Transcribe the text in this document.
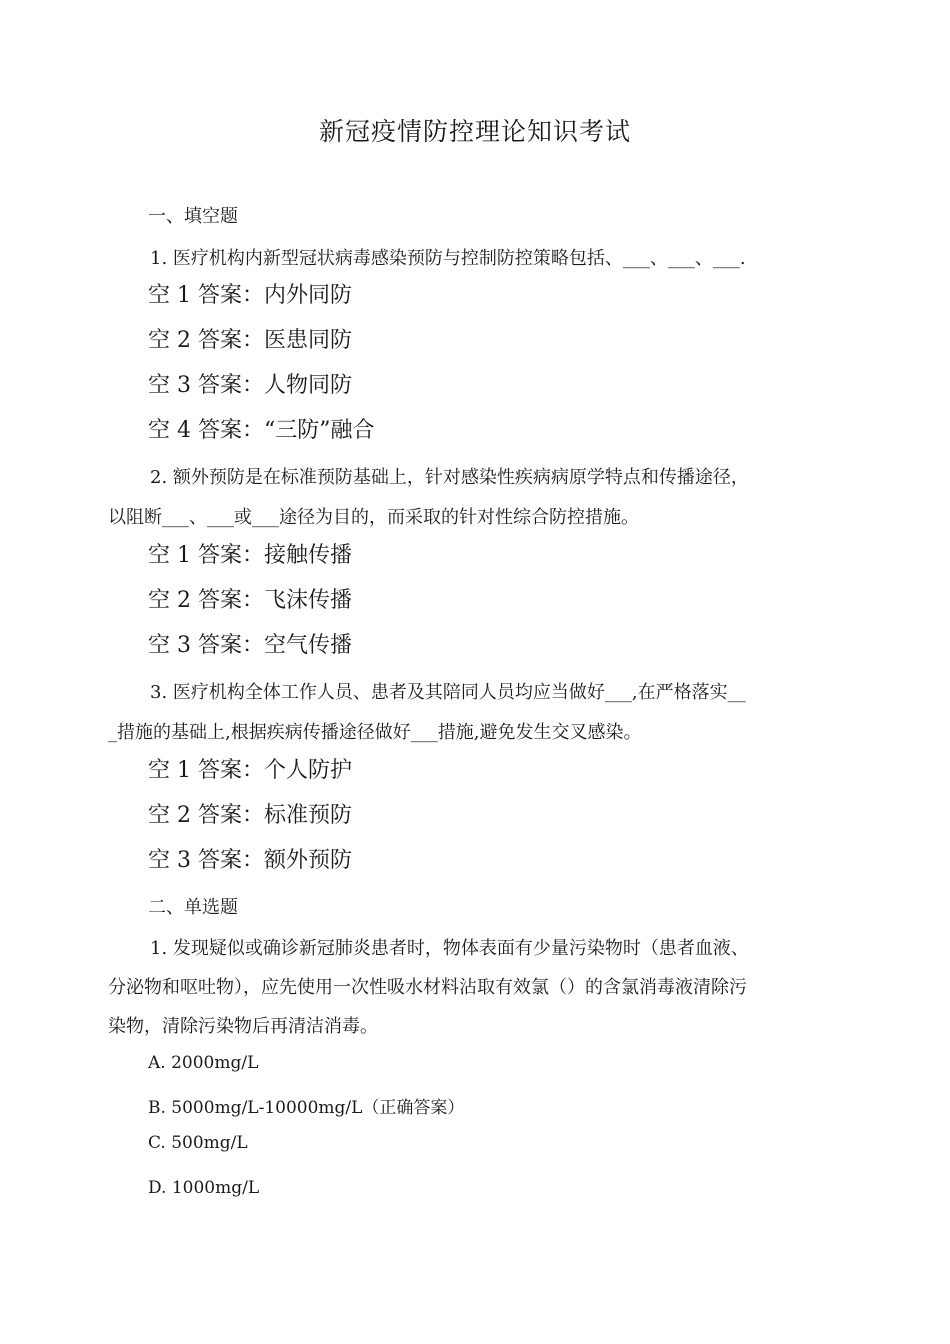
新冠疫情防控理论知识考试
一、填空题
1. 医疗机构内新型冠状病毒感染预防与控制防控策略包括、___、___、___.
空 1 答案：内外同防
空 2 答案：医患同防
空 3 答案：人物同防
空 4 答案：“三防”融合
2. 额外预防是在标准预防基础上，针对感染性疾病病原学特点和传播途径，
以阻断___、___或___途径为目的，而采取的针对性综合防控措施。
空 1 答案：接触传播
空 2 答案：飞沫传播
空 3 答案：空气传播
3. 医疗机构全体工作人员、患者及其陪同人员均应当做好___,在严格落实__
_措施的基础上,根据疾病传播途径做好___措施,避免发生交叉感染。
空 1 答案：个人防护
空 2 答案：标准预防
空 3 答案：额外预防
二、单选题
1. 发现疑似或确诊新冠肺炎患者时，物体表面有少量污染物时（患者血液、
分泌物和呕吐物），应先使用一次性吸水材料沾取有效氯（）的含氯消毒液清除污
染物，清除污染物后再清洁消毒。
A. 2000mg/L
B. 5000mg/L-10000mg/L（正确答案）
C. 500mg/L
D. 1000mg/L
